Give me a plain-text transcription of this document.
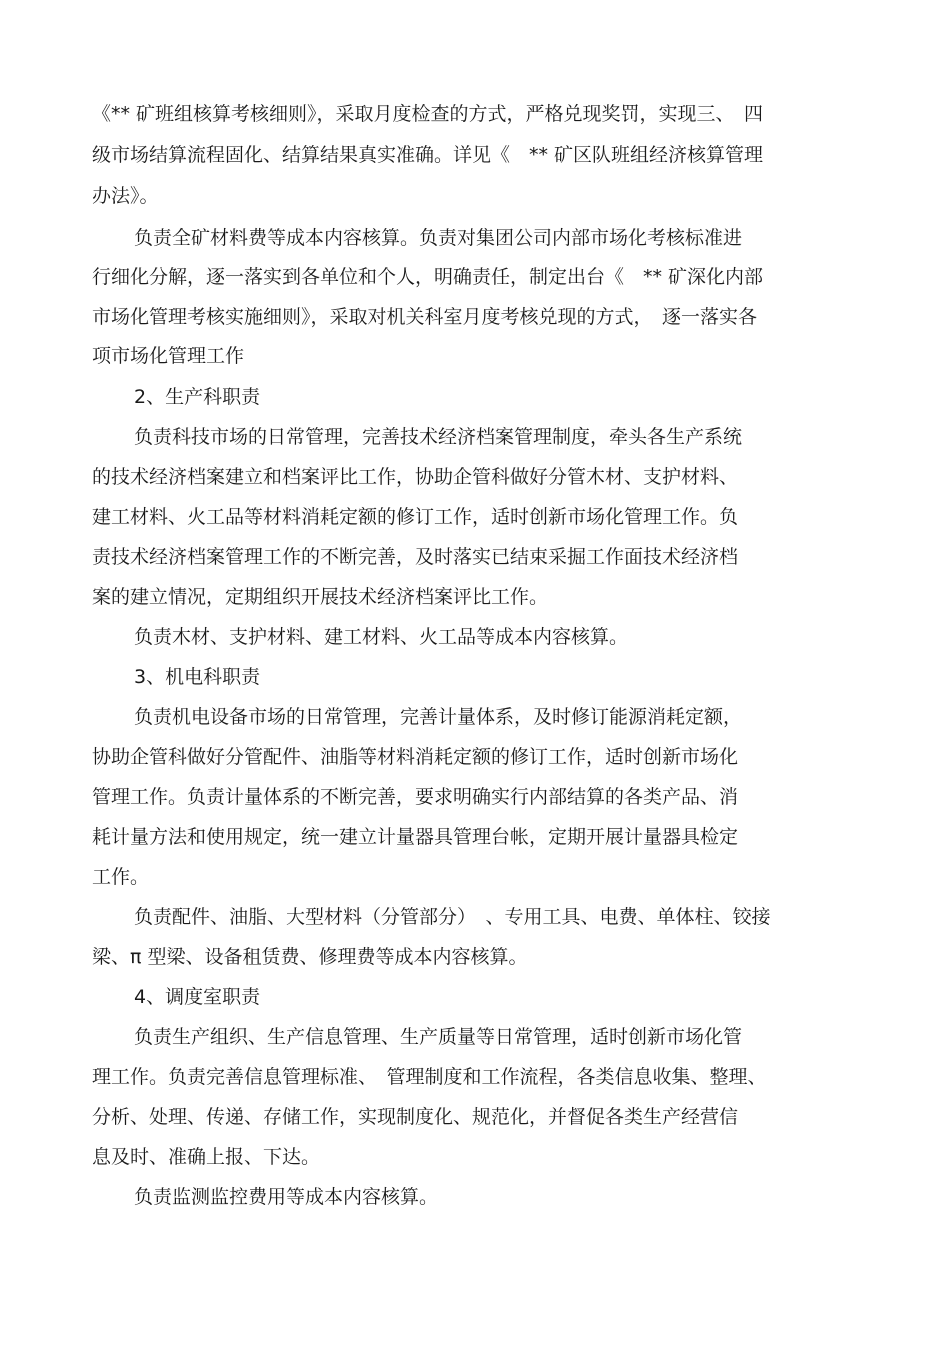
《** 矿班组核算考核细则》，采取月度检查的方式，严格兑现奖罚，实现三、　四
级市场结算流程固化、结算结果真实准确。详见《　** 矿区队班组经济核算管理
办法》。
负责全矿材料费等成本内容核算。负责对集团公司内部市场化考核标准进
行细化分解，逐一落实到各单位和个人，明确责任，制定出台《　** 矿深化内部
市场化管理考核实施细则》，采取对机关科室月度考核兑现的方式，　逐一落实各
项市场化管理工作
2、生产科职责
负责科技市场的日常管理，完善技术经济档案管理制度，牵头各生产系统
的技术经济档案建立和档案评比工作，协助企管科做好分管木材、支护材料、
建工材料、火工品等材料消耗定额的修订工作，适时创新市场化管理工作。负
责技术经济档案管理工作的不断完善，及时落实已结束采掘工作面技术经济档
案的建立情况，定期组织开展技术经济档案评比工作。
负责木材、支护材料、建工材料、火工品等成本内容核算。
3、机电科职责
负责机电设备市场的日常管理，完善计量体系，及时修订能源消耗定额，
协助企管科做好分管配件、油脂等材料消耗定额的修订工作，适时创新市场化
管理工作。负责计量体系的不断完善，要求明确实行内部结算的各类产品、消
耗计量方法和使用规定，统一建立计量器具管理台帐，定期开展计量器具检定
工作。
负责配件、油脂、大型材料（分管部分）　、专用工具、电费、单体柱、铰接
梁、π 型梁、设备租赁费、修理费等成本内容核算。
4、调度室职责
负责生产组织、生产信息管理、生产质量等日常管理，适时创新市场化管
理工作。负责完善信息管理标准、　管理制度和工作流程，各类信息收集、整理、
分析、处理、传递、存储工作，实现制度化、规范化，并督促各类生产经营信
息及时、准确上报、下达。
负责监测监控费用等成本内容核算。
